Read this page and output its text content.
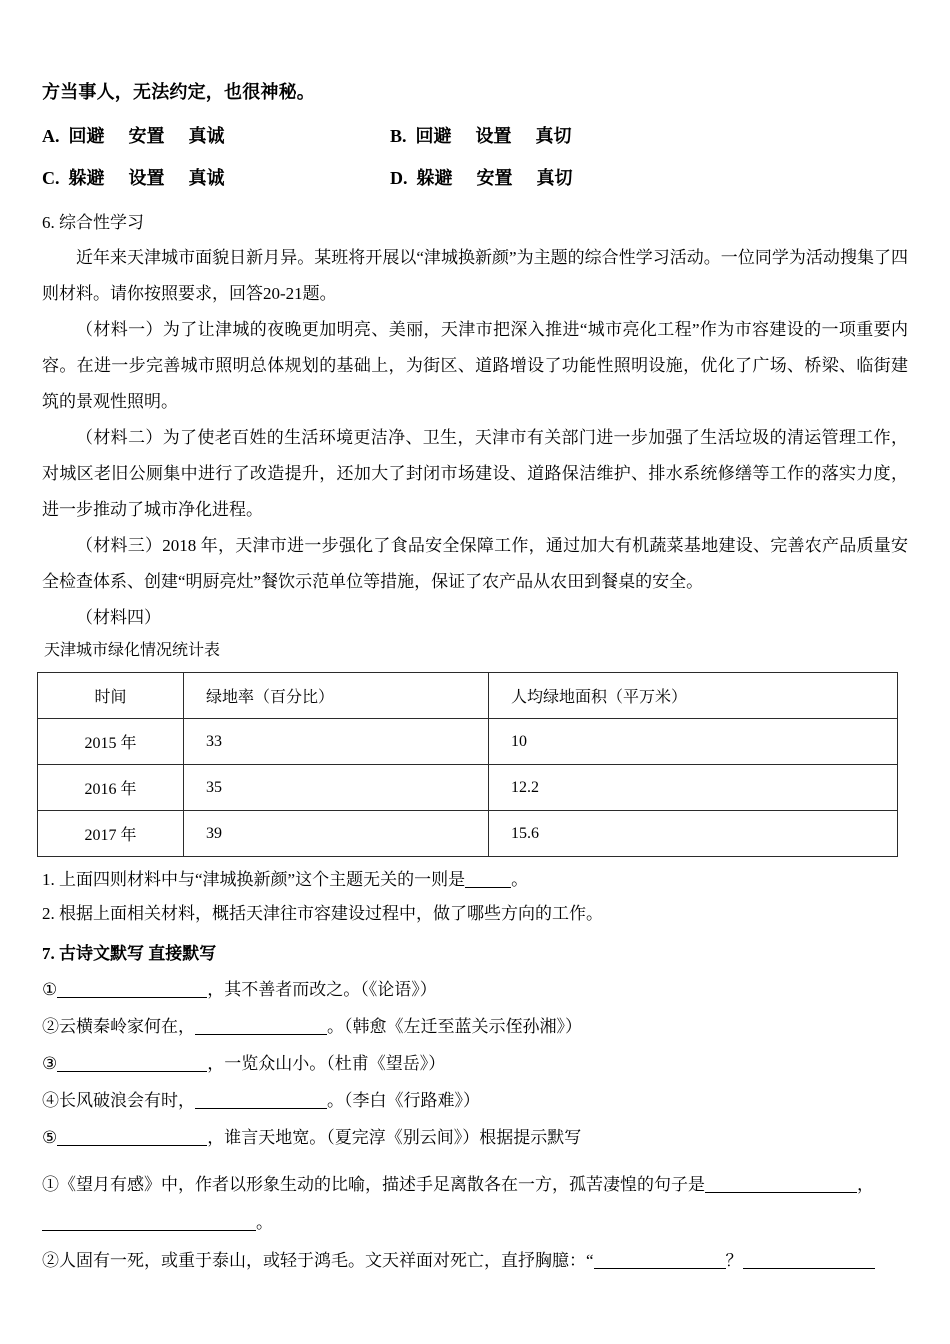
方当事人，无法约定，也很神秘。
A. 回避 安置 真诚	B. 回避 设置 真切
C. 躲避 设置 真诚	D. 躲避 安置 真切
6. 综合性学习

近年来天津城市面貌日新月异。某班将开展以“津城换新颜”为主题的综合性学习活动。一位同学为活动搜集了四则材料。请你按照要求，回答20-21题。

（材料一）为了让津城的夜晚更加明亮、美丽，天津市把深入推进“城市亮化工程”作为市容建设的一项重要内容。在进一步完善城市照明总体规划的基础上，为街区、道路增设了功能性照明设施，优化了广场、桥梁、临街建筑的景观性照明。

（材料二）为了使老百姓的生活环境更洁净、卫生，天津市有关部门进一步加强了生活垃圾的清运管理工作，对城区老旧公厕集中进行了改造提升，还加大了封闭市场建设、道路保洁维护、排水系统修缮等工作的落实力度，进一步推动了城市净化进程。

（材料三）2018 年，天津市进一步强化了食品安全保障工作，通过加大有机蔬菜基地建设、完善农产品质量安全检查体系、创建“明厨亮灶”餐饮示范单位等措施，保证了农产品从农田到餐桌的安全。

（材料四）

天津城市绿化情况统计表
时间	绿地率（百分比）	人均绿地面积（平万米）
2015 年	33	10
2016 年	35	12.2
2017 年	39	15.6
1. 上面四则材料中与“津城换新颜”这个主题无关的一则是	。
2. 根据上面相关材料，概括天津往市容建设过程中，做了哪些方向的工作。
7. 古诗文默写 直接默写
①	，其不善者而改之。（《论语》）
②云横秦岭家何在，	。（韩愈《左迁至蓝关示侄孙湘》）
③	，一览众山小。（杜甫《望岳》）
④长风破浪会有时，	。（李白《行路难》）
⑤	，谁言天地宽。（夏完淳《别云间》）根据提示默写
①《望月有感》中，作者以形象生动的比喻，描述手足离散各在一方，孤苦凄惶的句子是	，。
②人固有一死，或重于泰山，或轻于鸿毛。文天祥面对死亡，直抒胸臆：“	？
